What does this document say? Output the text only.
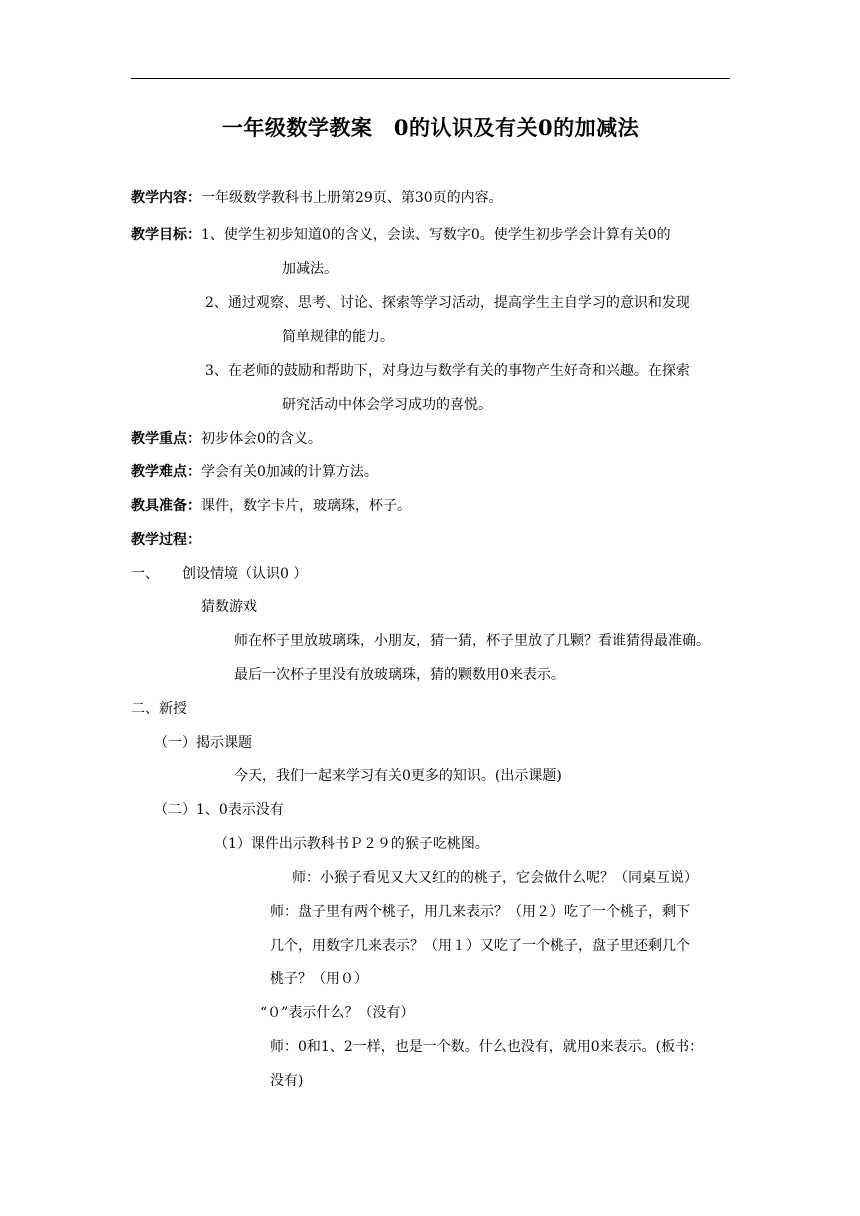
一年级数学教案　0的认识及有关0的加减法
教学内容：一年级数学教科书上册第29页、第30页的内容。
教学目标：1、使学生初步知道0的含义，会读、写数字0。使学生初步学会计算有关0的
加减法。
2、通过观察、思考、讨论、探索等学习活动，提高学生主自学习的意识和发现
简单规律的能力。
3、在老师的鼓励和帮助下，对身边与数学有关的事物产生好奇和兴趣。在探索
研究活动中体会学习成功的喜悦。
教学重点：初步体会0的含义。
教学难点：学会有关0加减的计算方法。
教具准备：课件，数字卡片，玻璃珠，杯子。
教学过程：
一、 创设情境（认识0 ）
猜数游戏
师在杯子里放玻璃珠，小朋友，猜一猜，杯子里放了几颗？看谁猜得最准确。
最后一次杯子里没有放玻璃珠，猜的颗数用0来表示。
二、新授
（一）揭示课题
今天，我们一起来学习有关0更多的知识。(出示课题)
（二）1、0表示没有
（1）课件出示教科书Ｐ２９的猴子吃桃图。
师：小猴子看见又大又红的的桃子，它会做什么呢？（同桌互说）
师：盘子里有两个桃子，用几来表示？（用２）吃了一个桃子，剩下
几个，用数字几来表示？（用１）又吃了一个桃子，盘子里还剩几个
桃子？（用０）
“０”表示什么？（没有）
师：0和1、2一样，也是一个数。什么也没有，就用0来表示。(板书：
没有)
